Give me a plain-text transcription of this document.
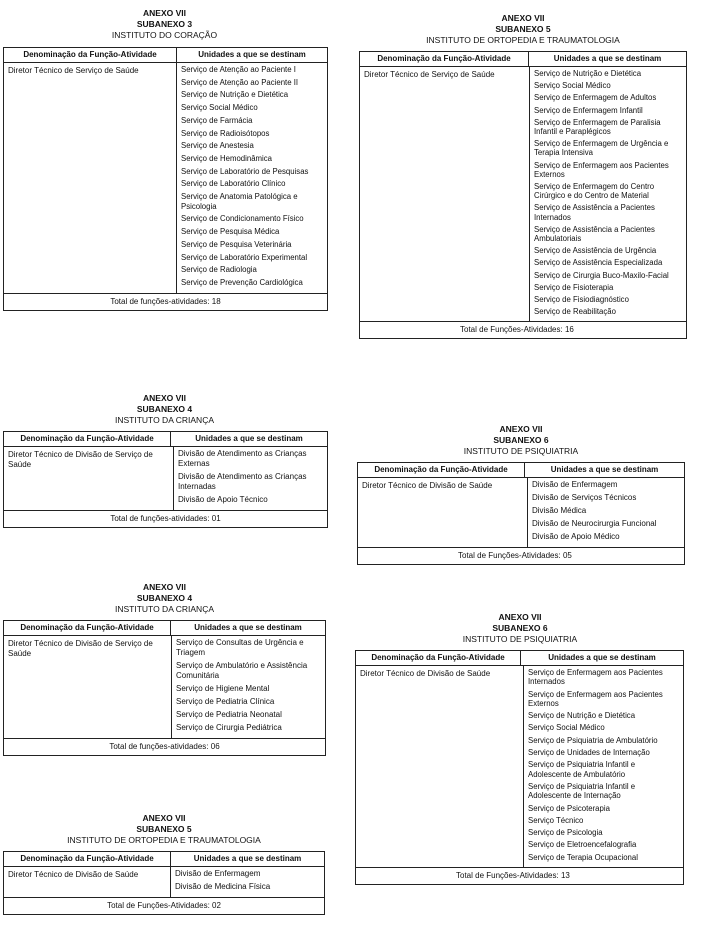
ANEXO VII
SUBANEXO 3
INSTITUTO DO CORAÇÃO
Denominação da Função-Atividade	Unidades a que se destinam
Diretor Técnico de Serviço de Saúde	Serviço de Atenção ao Paciente I
Serviço de Atenção ao Paciente II
Serviço de Nutrição e Dietética
Serviço Social Médico
Serviço de Farmácia
Serviço de Radioisótopos
Serviço de Anestesia
Serviço de Hemodinâmica
Serviço de Laboratório de Pesquisas
Serviço de Laboratório Clínico
Serviço de Anatomia Patológica e Psicologia
Serviço de Condicionamento Físico
Serviço de Pesquisa Médica
Serviço de Pesquisa Veterinária
Serviço de Laboratório Experimental
Serviço de Radiologia
Serviço de Prevenção Cardiológica
Total de funções-atividades: 18
ANEXO VII
SUBANEXO 4
INSTITUTO DA CRIANÇA
Denominação da Função-Atividade	Unidades a que se destinam
Diretor Técnico de Divisão de Serviço de Saúde
Divisão de Atendimento as Crianças Externas
Divisão de Atendimento as Crianças Internadas
Divisão de Apoio Técnico
Total de funções-atividades: 01
ANEXO VII
SUBANEXO 4
INSTITUTO DA CRIANÇA
Denominação da Função-Atividade	Unidades a que se destinam
Diretor Técnico de Divisão de Serviço de Saúde
Serviço de Consultas de Urgência e Triagem
Serviço de Ambulatório e Assistência Comunitária
Serviço de Higiene Mental
Serviço de Pediatria Clínica
Serviço de Pediatria Neonatal
Serviço de Cirurgia Pediátrica
Total de funções-atividades: 06
ANEXO VII
SUBANEXO 5
INSTITUTO DE ORTOPEDIA E TRAUMATOLOGIA
Denominação da Função-Atividade	Unidades a que se destinam
Diretor Técnico de Divisão de Saúde	Divisão de Enfermagem
Divisão de Medicina Física
Total de Funções-Atividades: 02
ANEXO VII
SUBANEXO 5
INSTITUTO DE ORTOPEDIA E TRAUMATOLOGIA
Denominação da Função-Atividade	Unidades a que se destinam
Diretor Técnico de Serviço de Saúde	Serviço de Nutrição e Dietética
Serviço Social Médico
Serviço de Enfermagem de Adultos
Serviço de Enfermagem Infantil
Serviço de Enfermagem de Paralisia Infantil e Paraplégicos
Serviço de Enfermagem de Urgência e Terapia Intensiva
Serviço de Enfermagem aos Pacientes Externos
Serviço de Enfermagem do Centro Cirúrgico e do Centro de Material
Serviço de Assistência a Pacientes Internados
Serviço de Assistência a Pacientes Ambulatoriais
Serviço de Assistência de Urgência
Serviço de Assistência Especializada
Serviço de Cirurgia Buco-Maxilo-Facial
Serviço de Fisioterapia
Serviço de Fisiodiagnóstico
Serviço de Reabilitação
Total de Funções-Atividades: 16
ANEXO VII
SUBANEXO 6
INSTITUTO DE PSIQUIATRIA
Denominação da Função-Atividade	Unidades a que se destinam
Diretor Técnico de Divisão de Saúde	Divisão de Enfermagem
Divisão de Serviços Técnicos
Divisão Médica
Divisão de Neurocirurgia Funcional
Divisão de Apoio Médico
Total de Funções-Atividades: 05
ANEXO VII
SUBANEXO 6
INSTITUTO DE PSIQUIATRIA
Denominação da Função-Atividade	Unidades a que se destinam
Diretor Técnico de Divisão de Saúde	Serviço de Enfermagem aos Pacientes Internados
Serviço de Enfermagem aos Pacientes Externos
Serviço de Nutrição e Dietética
Serviço Social Médico
Serviço de Psiquiatria de Ambulatório
Serviço de Unidades de Internação
Serviço de Psiquiatria Infantil e Adolescente de Ambulatório
Serviço de Psiquiatria Infantil e Adolescente de Internação
Serviço de Psicoterapia
Serviço Técnico
Serviço de Psicologia
Serviço de Eletroencefalografia
Serviço de Terapia Ocupacional
Total de Funções-Atividades: 13
